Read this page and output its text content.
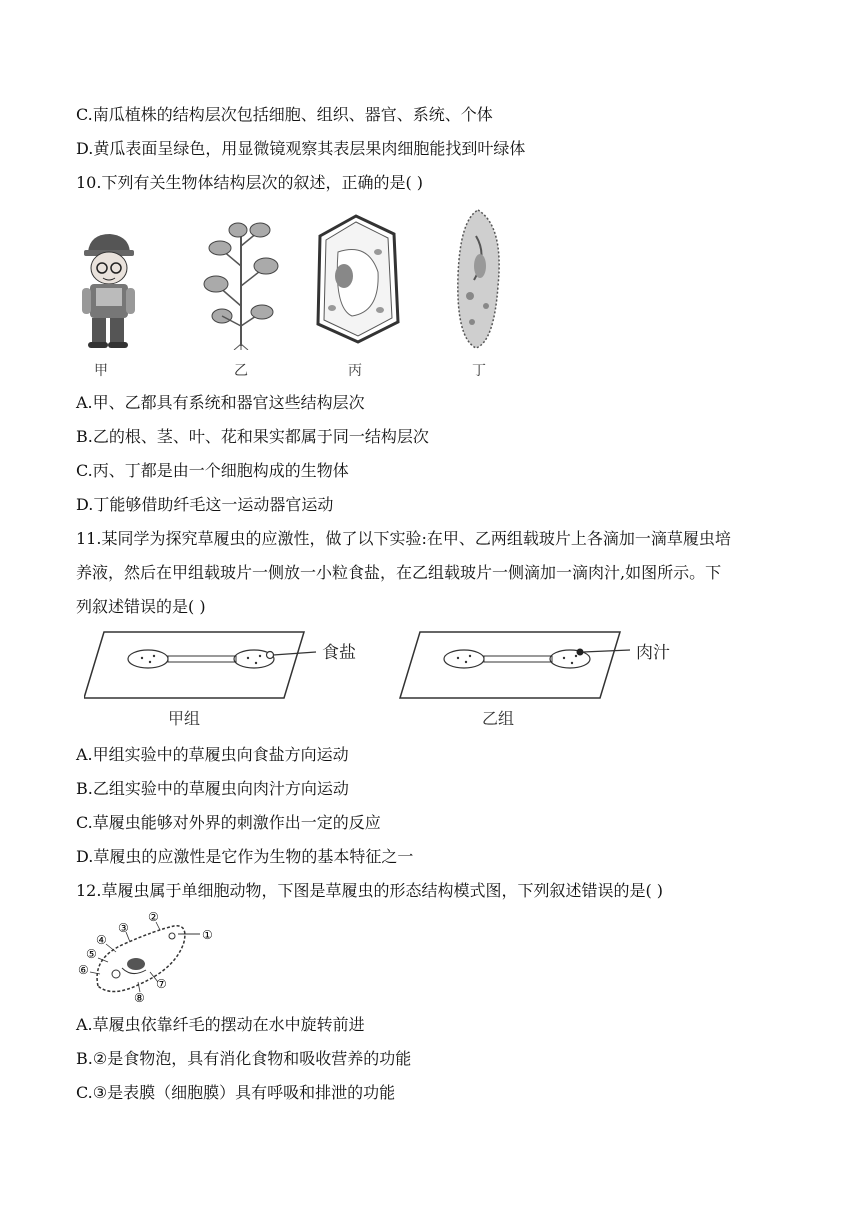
C.南瓜植株的结构层次包括细胞、组织、器官、系统、个体
D.黄瓜表面呈绿色，用显微镜观察其表层果肉细胞能找到叶绿体
10.下列有关生物体结构层次的叙述，正确的是( )
甲	乙	丙	丁
A.甲、乙都具有系统和器官这些结构层次
B.乙的根、茎、叶、花和果实都属于同一结构层次
C.丙、丁都是由一个细胞构成的生物体
D.丁能够借助纤毛这一运动器官运动
11.某同学为探究草履虫的应激性，做了以下实验:在甲、乙两组载玻片上各滴加一滴草履虫培
养液，然后在甲组载玻片一侧放一小粒食盐，在乙组载玻片一侧滴加一滴肉汁,如图所示。下
列叙述错误的是( )
食盐
甲组
肉汁
乙组
A.甲组实验中的草履虫向食盐方向运动
B.乙组实验中的草履虫向肉汁方向运动
C.草履虫能够对外界的刺激作出一定的反应
D.草履虫的应激性是它作为生物的基本特征之一
12.草履虫属于单细胞动物，下图是草履虫的形态结构模式图，下列叙述错误的是( )
①
②
③
④
⑤
⑥
⑦
⑧
A.草履虫依靠纤毛的摆动在水中旋转前进
B.②是食物泡，具有消化食物和吸收营养的功能
C.③是表膜（细胞膜）具有呼吸和排泄的功能
